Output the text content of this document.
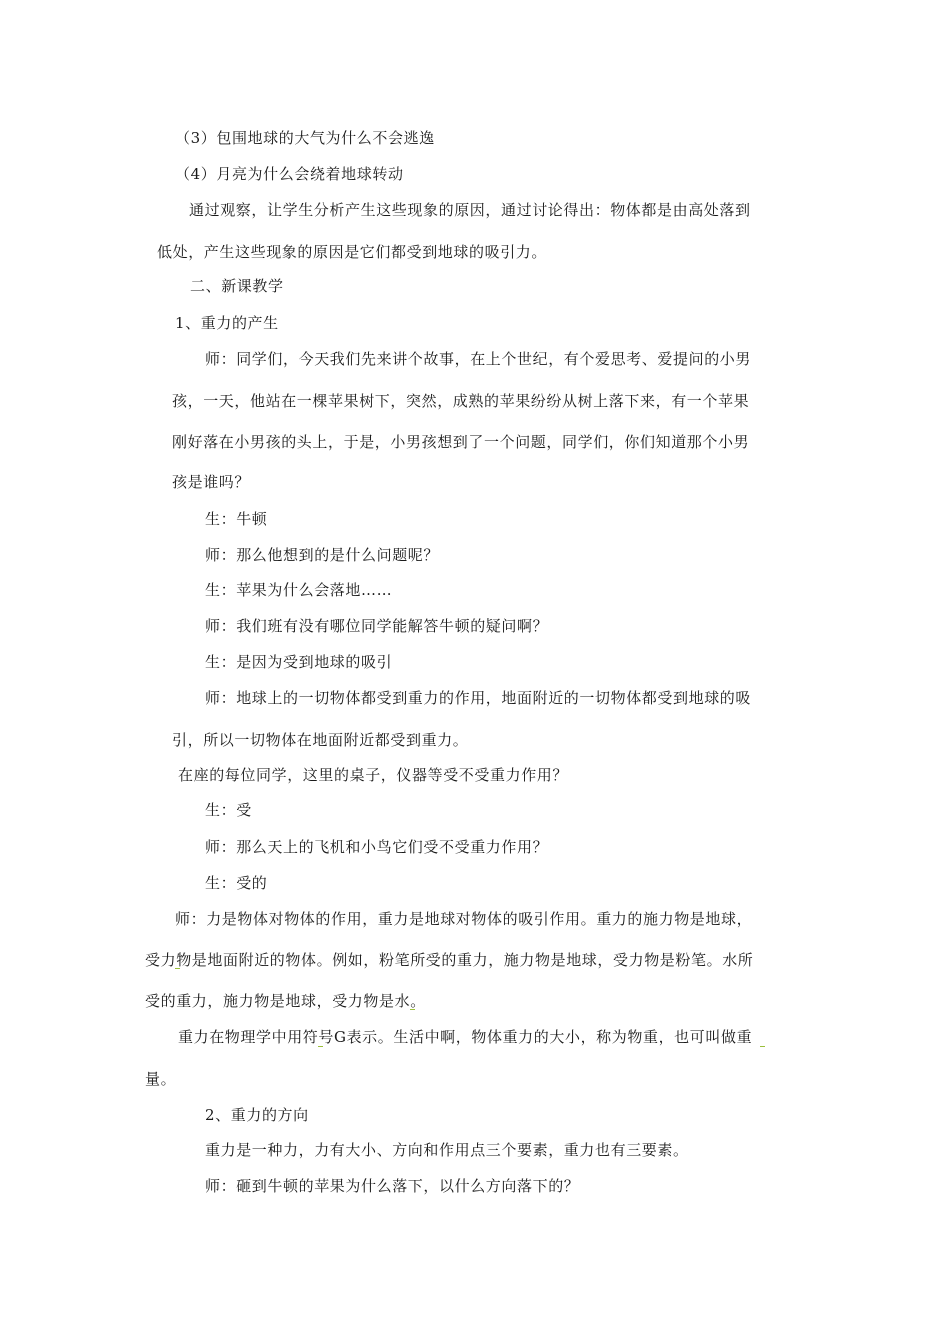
（3）包围地球的大气为什么不会逃逸
（4）月亮为什么会绕着地球转动
通过观察，让学生分析产生这些现象的原因，通过讨论得出：物体都是由高处落到
低处，产生这些现象的原因是它们都受到地球的吸引力。
二、新课教学
1、重力的产生
师：同学们，今天我们先来讲个故事，在上个世纪，有个爱思考、爱提问的小男
孩，一天，他站在一棵苹果树下，突然，成熟的苹果纷纷从树上落下来，有一个苹果
刚好落在小男孩的头上，于是，小男孩想到了一个问题，同学们，你们知道那个小男
孩是谁吗？
生：牛顿
师：那么他想到的是什么问题呢？
生：苹果为什么会落地……
师：我们班有没有哪位同学能解答牛顿的疑问啊？
生：是因为受到地球的吸引
师：地球上的一切物体都受到重力的作用，地面附近的一切物体都受到地球的吸
引，所以一切物体在地面附近都受到重力。
在座的每位同学，这里的桌子，仪器等受不受重力作用？
生：受
师：那么天上的飞机和小鸟它们受不受重力作用？
生：受的
师：力是物体对物体的作用，重力是地球对物体的吸引作用。重力的施力物是地球，
受力物是地面附近的物体。例如，粉笔所受的重力，施力物是地球，受力物是粉笔。水所
受的重力，施力物是地球，受力物是水。
重力在物理学中用符号G表示。生活中啊，物体重力的大小，称为物重，也可叫做重
量。
2、重力的方向
重力是一种力，力有大小、方向和作用点三个要素，重力也有三要素。
师：砸到牛顿的苹果为什么落下，以什么方向落下的？
